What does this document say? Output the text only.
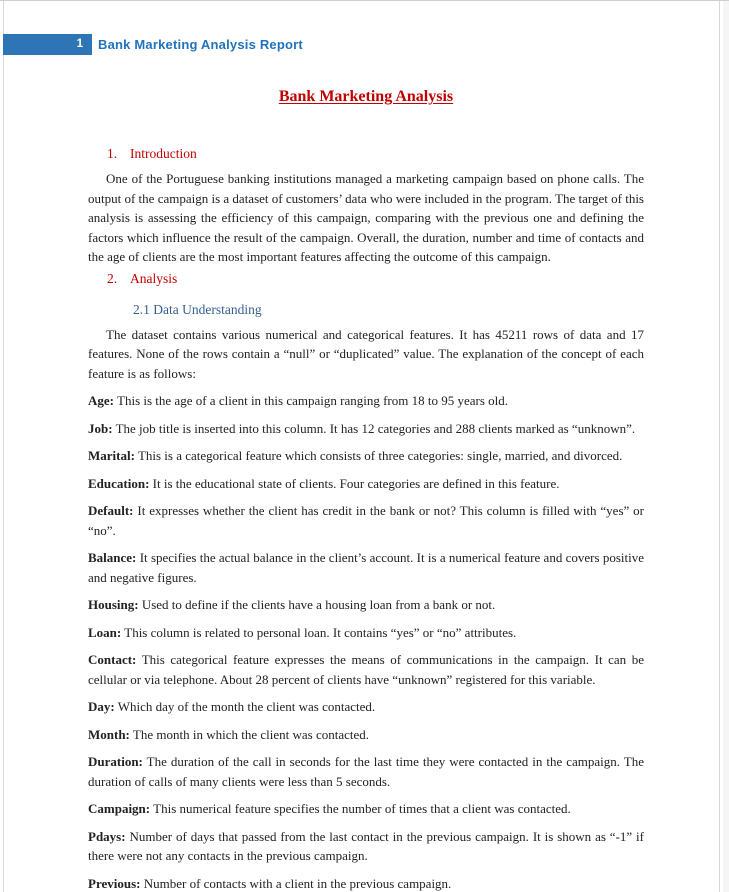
1	Bank Marketing Analysis Report
Bank Marketing Analysis
1. Introduction

One of the Portuguese banking institutions managed a marketing campaign based on phone calls. The output of the campaign is a dataset of customers’ data who were included in the program. The target of this analysis is assessing the efficiency of this campaign, comparing with the previous one and defining the factors which influence the result of the campaign. Overall, the duration, number and time of contacts and the age of clients are the most important features affecting the outcome of this campaign.

2. Analysis
2.1 Data Understanding

The dataset contains various numerical and categorical features. It has 45211 rows of data and 17 features. None of the rows contain a “null” or “duplicated” value. The explanation of the concept of each feature is as follows:

Age: This is the age of a client in this campaign ranging from 18 to 95 years old.

Job: The job title is inserted into this column. It has 12 categories and 288 clients marked as “unknown”.

Marital: This is a categorical feature which consists of three categories: single, married, and divorced.

Education: It is the educational state of clients. Four categories are defined in this feature.

Default: It expresses whether the client has credit in the bank or not? This column is filled with “yes” or “no”.

Balance: It specifies the actual balance in the client’s account. It is a numerical feature and covers positive and negative figures.

Housing: Used to define if the clients have a housing loan from a bank or not.

Loan: This column is related to personal loan. It contains “yes” or “no” attributes.

Contact: This categorical feature expresses the means of communications in the campaign. It can be cellular or via telephone. About 28 percent of clients have “unknown” registered for this variable.

Day: Which day of the month the client was contacted.

Month: The month in which the client was contacted.

Duration: The duration of the call in seconds for the last time they were contacted in the campaign. The duration of calls of many clients were less than 5 seconds.

Campaign: This numerical feature specifies the number of times that a client was contacted.

Pdays: Number of days that passed from the last contact in the previous campaign. It is shown as “-1” if there were not any contacts in the previous campaign.

Previous: Number of contacts with a client in the previous campaign.
